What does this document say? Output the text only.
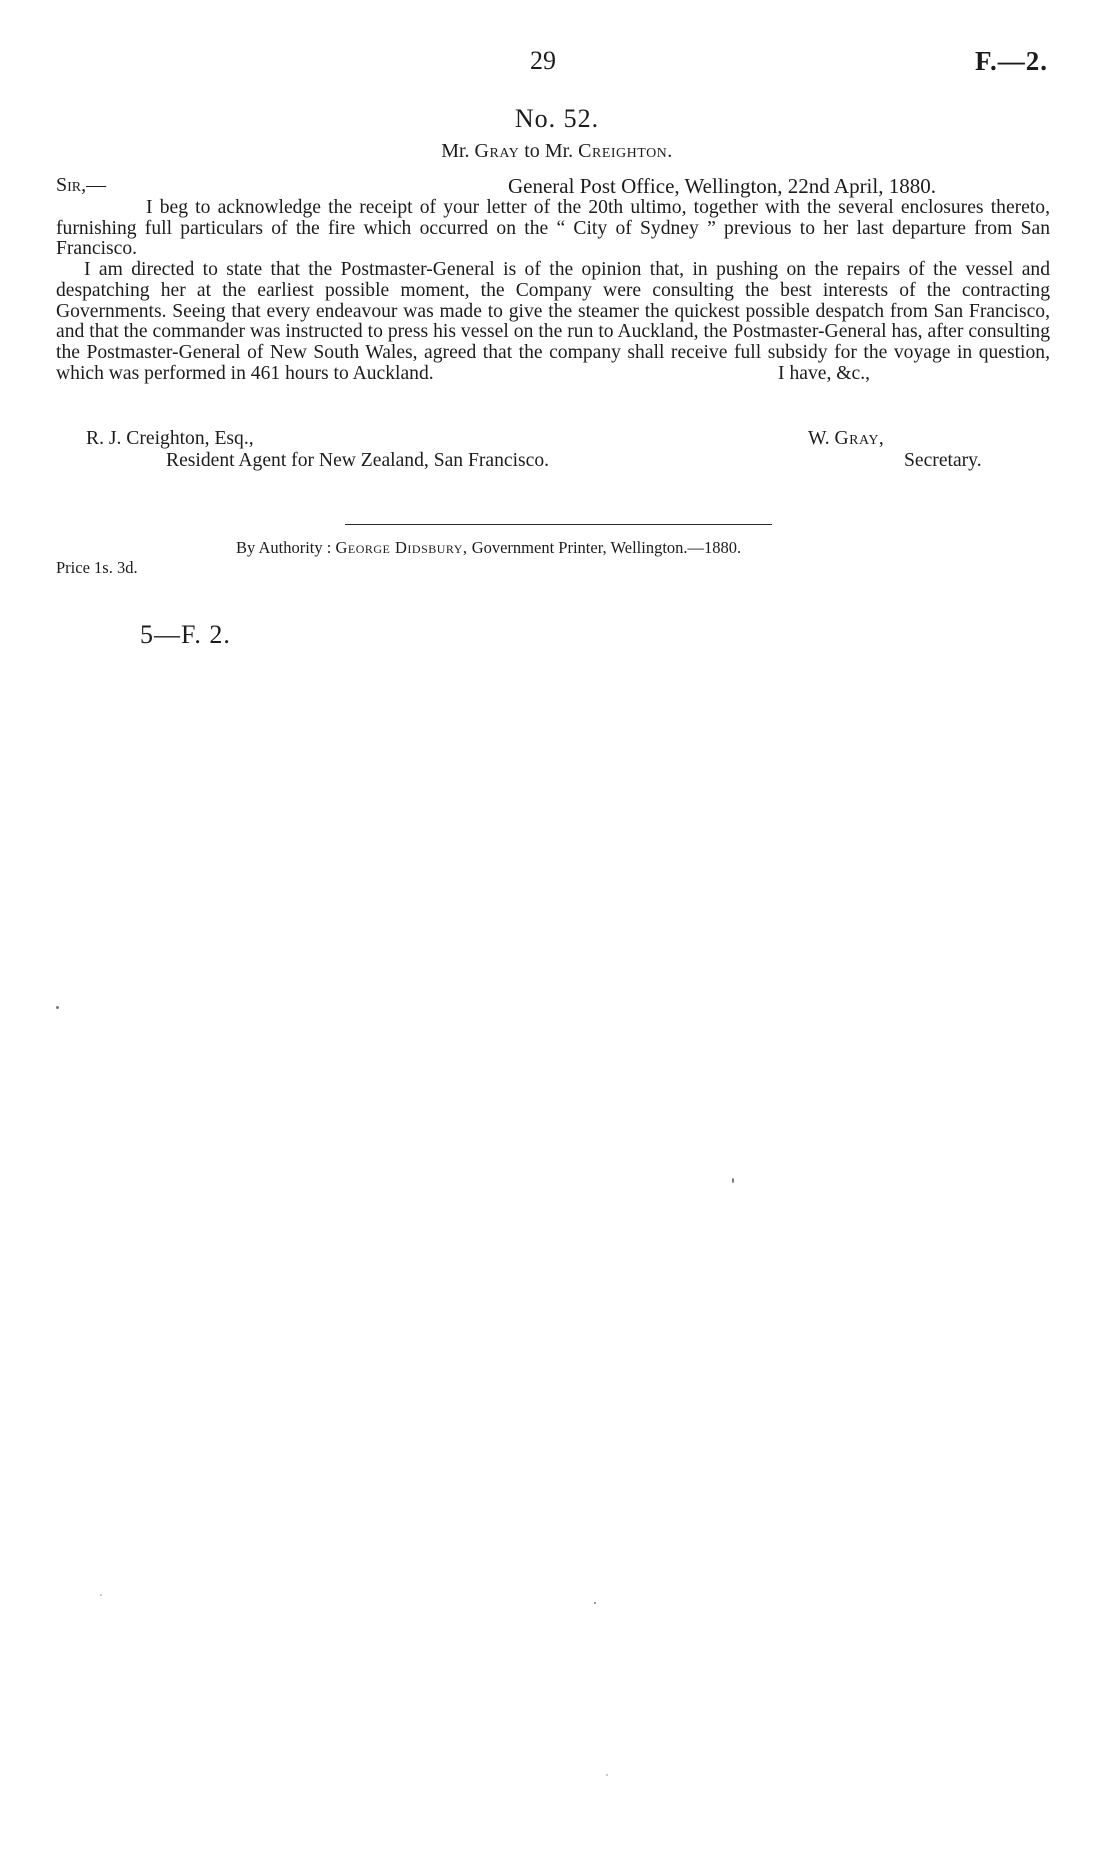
29	F.—2.
No. 52.
Mr. Gray to Mr. Creighton.
Sir,—	General Post Office, Wellington, 22nd April, 1880.

I beg to acknowledge the receipt of your letter of the 20th ultimo, together with the several enclosures thereto, furnishing full particulars of the fire which occurred on the “ City of Sydney ” previous to her last departure from San Francisco.

I am directed to state that the Postmaster-General is of the opinion that, in pushing on the repairs of the vessel and despatching her at the earliest possible moment, the Company were consulting the best interests of the contracting Governments. Seeing that every endeavour was made to give the steamer the quickest possible despatch from San Francisco, and that the commander was instructed to press his vessel on the run to Auckland, the Postmaster-General has, after consulting the Postmaster-General of New South Wales, agreed that the company shall receive full subsidy for the voyage in question, which was performed in 461 hours to Auckland.	I have, &c.,

R. J. Creighton, Esq.,	W. Gray,
Resident Agent for New Zealand, San Francisco.	Secretary.
By Authority : George Didsbury, Government Printer, Wellington.—1880.
Price 1s. 3d.
5—F. 2.
